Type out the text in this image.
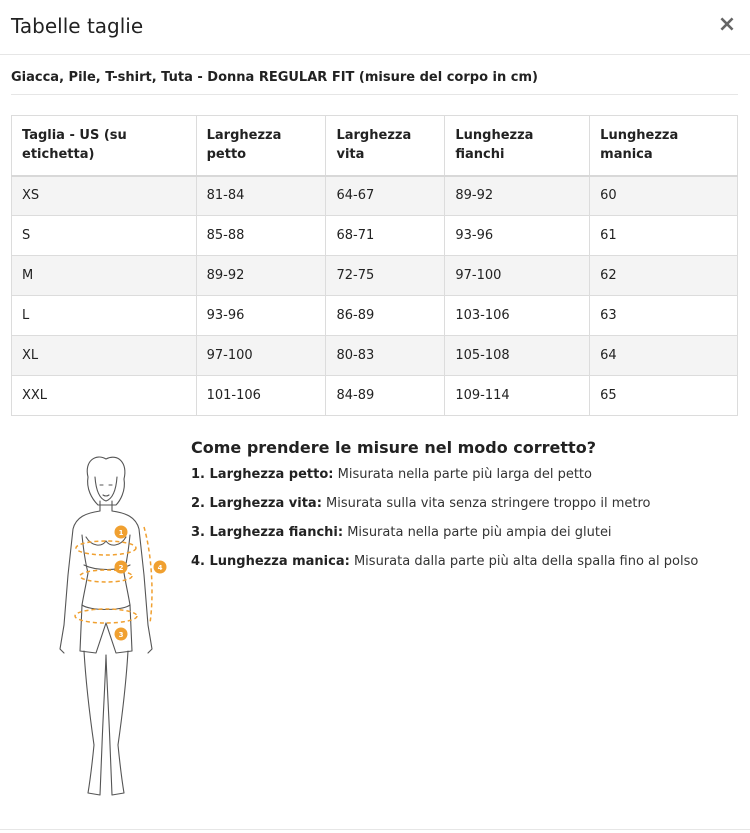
Tabelle taglie	×
Giacca, Pile, T-shirt, Tuta - Donna REGULAR FIT (misure del corpo in cm)
Taglia - US (su etichetta)	Larghezza petto	Larghezza vita	Lunghezza fianchi	Lunghezza manica
XS	81-84	64-67	89-92	60
S	85-88	68-71	93-96	61
M	89-92	72-75	97-100	62
L	93-96	86-89	103-106	63
XL	97-100	80-83	105-108	64
XXL	101-106	84-89	109-114	65
1
2
3
4
Come prendere le misure nel modo corretto?
1. Larghezza petto: Misurata nella parte più larga del petto
2. Larghezza vita: Misurata sulla vita senza stringere troppo il metro
3. Larghezza fianchi: Misurata nella parte più ampia dei glutei
4. Lunghezza manica: Misurata dalla parte più alta della spalla fino al polso
